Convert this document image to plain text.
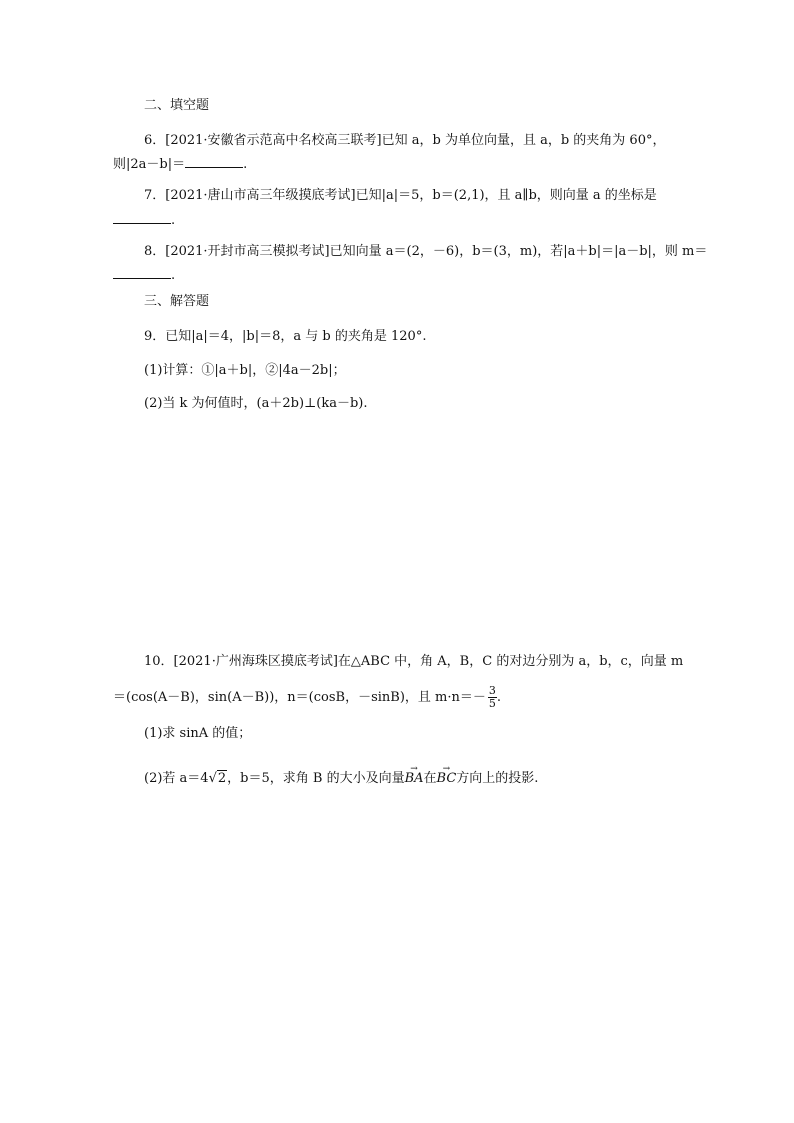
二、填空题
6．[2021·安徽省示范高中名校高三联考]已知 a，b 为单位向量，且 a，b 的夹角为 60°，
则|2a－b|＝	.
7．[2021·唐山市高三年级摸底考试]已知|a|＝5，b＝(2,1)，且 a∥b，则向量 a 的坐标是
.
8．[2021·开封市高三模拟考试]已知向量 a＝(2，－6)，b＝(3，m)，若|a＋b|＝|a－b|，则 m＝
.
三、解答题
9．已知|a|＝4，|b|＝8，a 与 b 的夹角是 120°.
(1)计算：①|a＋b|，②|4a－2b|；
(2)当 k 为何值时，(a＋2b)⊥(ka－b).
10．[2021·广州海珠区摸底考试]在△ABC 中，角 A，B，C 的对边分别为 a，b，c，向量 m
＝(cos(A－B)，sin(A－B))，n＝(cosB，－sinB)，且 $m\cdot n=- \frac{3}{5}$ .
(1)求 sinA 的值；
(2)若 a＝4√2，b＝5，求角 B 的大小及向量→ BA在→ BC方向上的投影.
